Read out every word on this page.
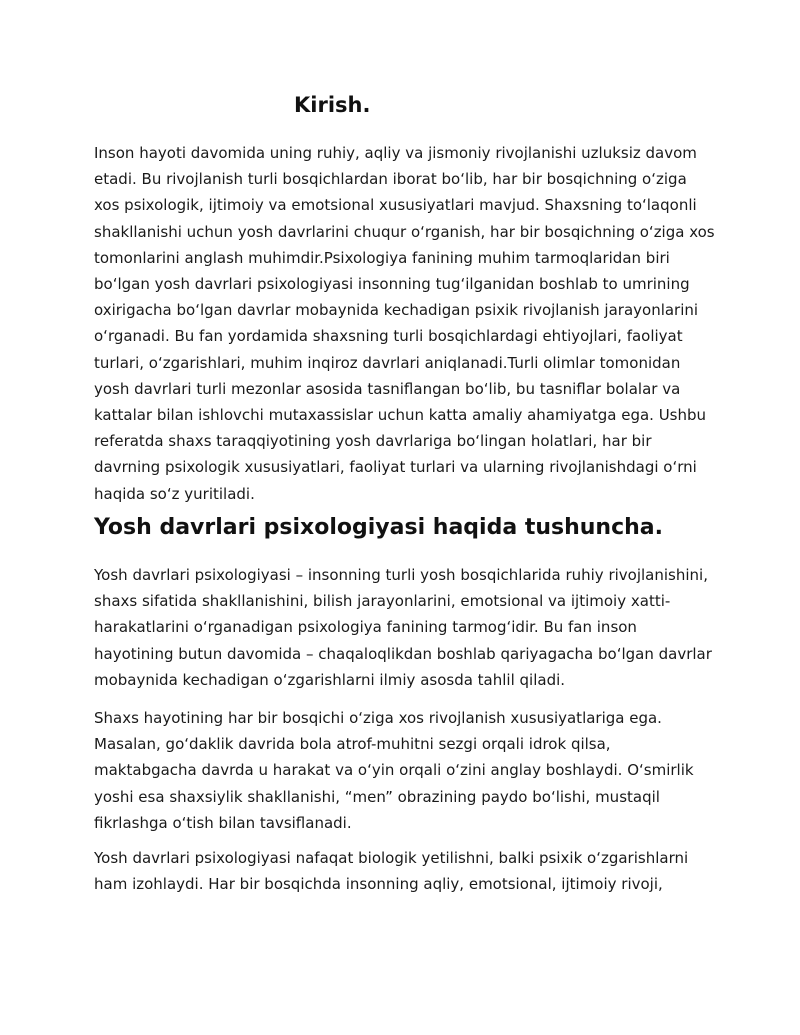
Kirish.

Inson hayoti davomida uning ruhiy, aqliy va jismoniy rivojlanishi uzluksiz davom etadi. Bu rivojlanish turli bosqichlardan iborat bo‘lib, har bir bosqichning o‘ziga xos psixologik, ijtimoiy va emotsional xususiyatlari mavjud. Shaxsning to‘laqonli shakllanishi uchun yosh davrlarini chuqur o‘rganish, har bir bosqichning o‘ziga xos tomonlarini anglash muhimdir.Psixologiya fanining muhim tarmoqlaridan biri bo‘lgan yosh davrlari psixologiyasi insonning tug‘ilganidan boshlab to umrining oxirigacha bo‘lgan davrlar mobaynida kechadigan psixik rivojlanish jarayonlarini o‘rganadi. Bu fan yordamida shaxsning turli bosqichlardagi ehtiyojlari, faoliyat turlari, o‘zgarishlari, muhim inqiroz davrlari aniqlanadi.Turli olimlar tomonidan yosh davrlari turli mezonlar asosida tasniflangan bo‘lib, bu tasniflar bolalar va kattalar bilan ishlovchi mutaxassislar uchun katta amaliy ahamiyatga ega. Ushbu referatda shaxs taraqqiyotining yosh davrlariga bo‘lingan holatlari, har bir davrning psixologik xususiyatlari, faoliyat turlari va ularning rivojlanishdagi o‘rni haqida so‘z yuritiladi.

Yosh davrlari psixologiyasi haqida tushuncha.

Yosh davrlari psixologiyasi – insonning turli yosh bosqichlarida ruhiy rivojlanishini, shaxs sifatida shakllanishini, bilish jarayonlarini, emotsional va ijtimoiy xatti-harakatlarini o‘rganadigan psixologiya fanining tarmog‘idir. Bu fan inson hayotining butun davomida – chaqaloqlikdan boshlab qariyagacha bo‘lgan davrlar mobaynida kechadigan o‘zgarishlarni ilmiy asosda tahlil qiladi.

Shaxs hayotining har bir bosqichi o‘ziga xos rivojlanish xususiyatlariga ega. Masalan, go‘daklik davrida bola atrof-muhitni sezgi orqali idrok qilsa, maktabgacha davrda u harakat va o‘yin orqali o‘zini anglay boshlaydi. O‘smirlik yoshi esa shaxsiylik shakllanishi, “men” obrazining paydo bo‘lishi, mustaqil fikrlashga o‘tish bilan tavsiflanadi.

Yosh davrlari psixologiyasi nafaqat biologik yetilishni, balki psixik o‘zgarishlarni ham izohlaydi. Har bir bosqichda insonning aqliy, emotsional, ijtimoiy rivoji,
